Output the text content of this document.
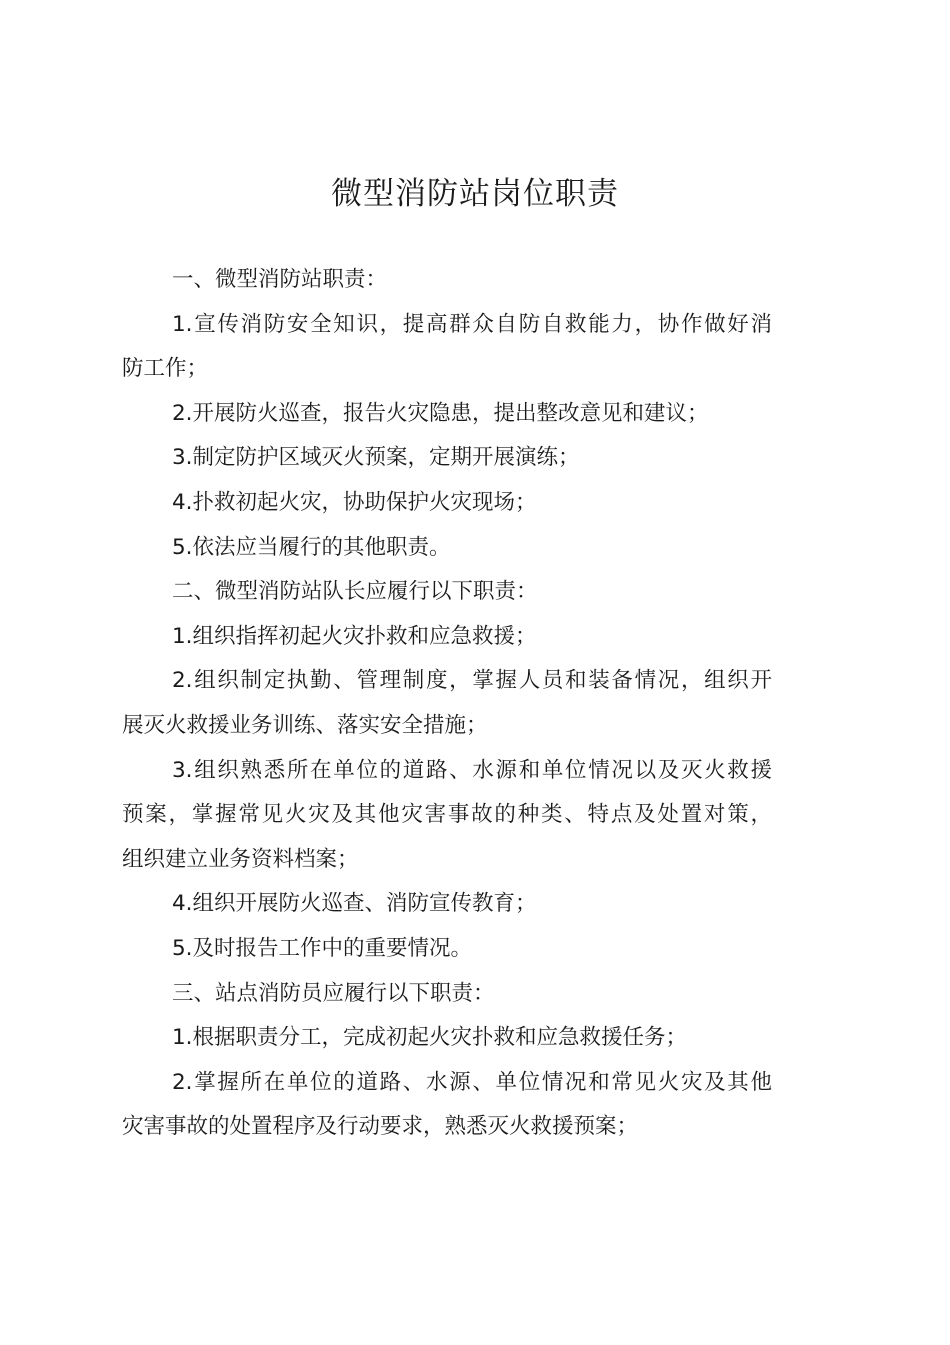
微型消防站岗位职责
一、微型消防站职责：
1.宣传消防安全知识，提高群众自防自救能力，协作做好消
防工作；
2.开展防火巡查，报告火灾隐患，提出整改意见和建议；
3.制定防护区域灭火预案，定期开展演练；
4.扑救初起火灾，协助保护火灾现场；
5.依法应当履行的其他职责。
二、微型消防站队长应履行以下职责：
1.组织指挥初起火灾扑救和应急救援；
2.组织制定执勤、管理制度，掌握人员和装备情况，组织开
展灭火救援业务训练、落实安全措施；
3.组织熟悉所在单位的道路、水源和单位情况以及灭火救援
预案，掌握常见火灾及其他灾害事故的种类、特点及处置对策，
组织建立业务资料档案；
4.组织开展防火巡查、消防宣传教育；
5.及时报告工作中的重要情况。
三、站点消防员应履行以下职责：
1.根据职责分工，完成初起火灾扑救和应急救援任务；
2.掌握所在单位的道路、水源、单位情况和常见火灾及其他
灾害事故的处置程序及行动要求，熟悉灭火救援预案；
